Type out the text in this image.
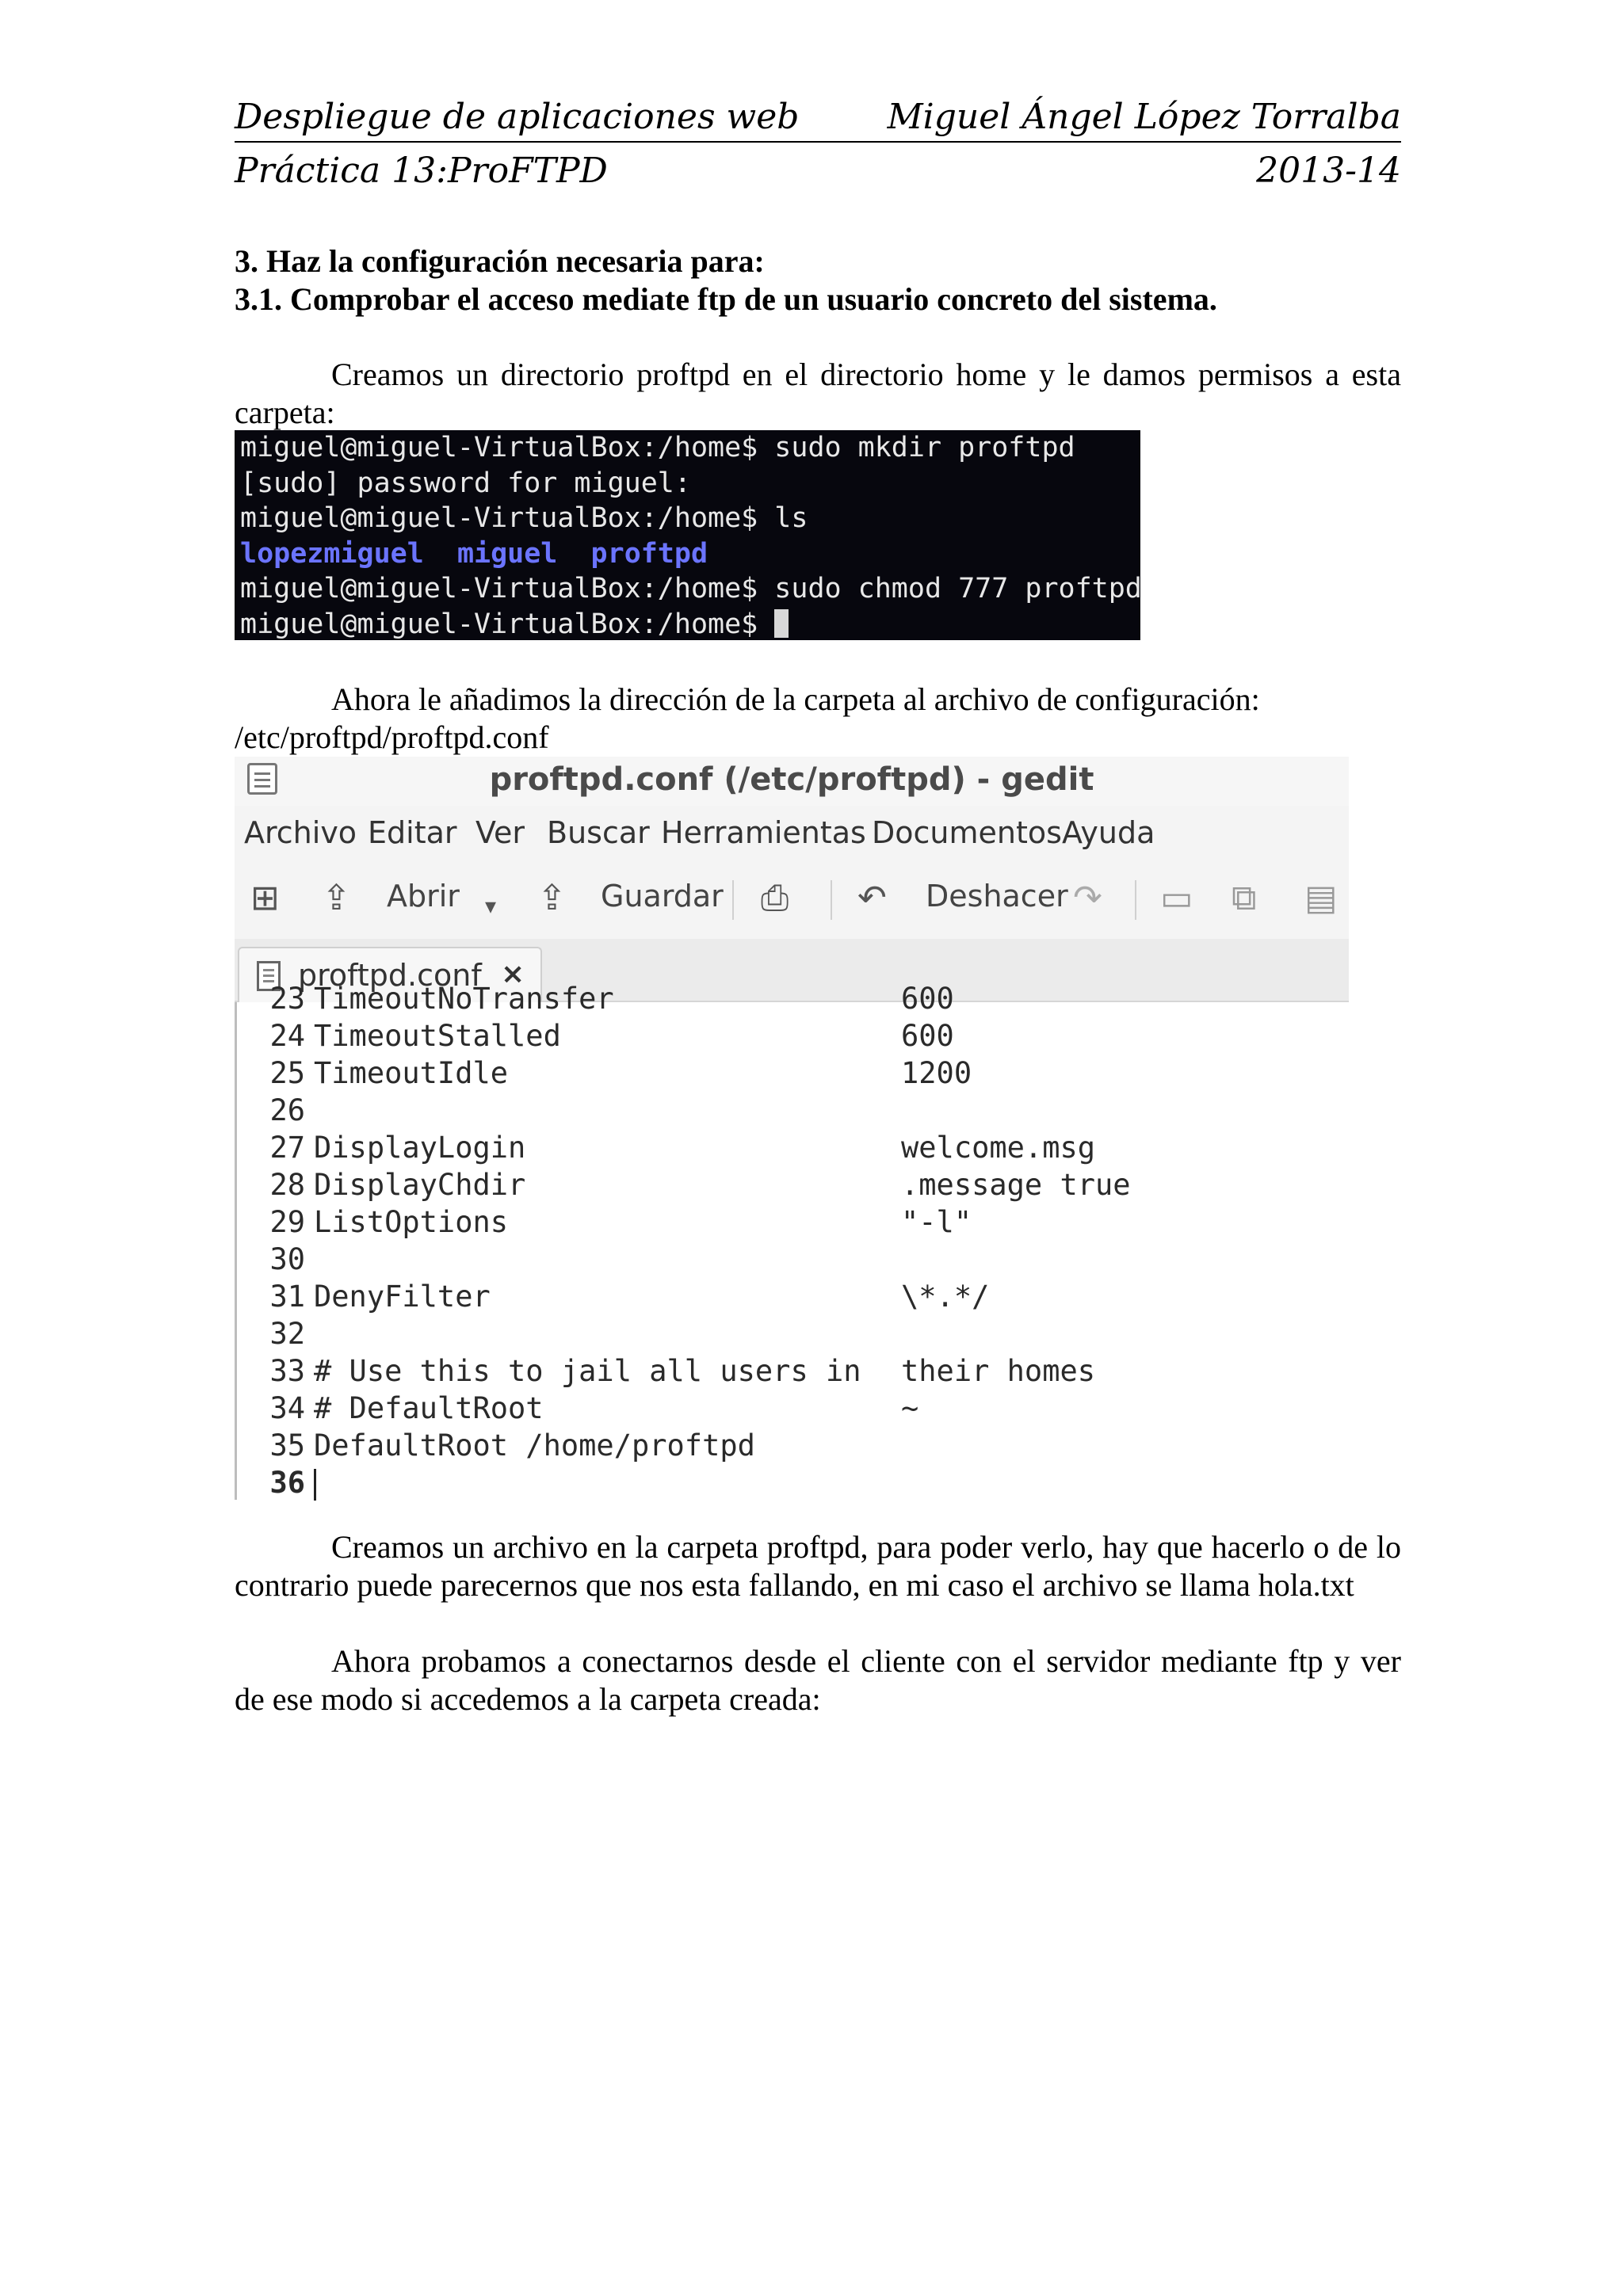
Despliegue de aplicaciones web	Miguel Ángel López Torralba
Práctica 13:ProFTPD	2013-14
3. Haz la configuración necesaria para:
3.1. Comprobar el acceso mediate ftp de un usuario concreto del sistema.
Creamos un directorio proftpd en el directorio home y le damos permisos a esta carpeta:
miguel@miguel-VirtualBox:/home$ sudo mkdir proftpd
[sudo] password for miguel:
miguel@miguel-VirtualBox:/home$ ls
lopezmiguel miguel proftpd
miguel@miguel-VirtualBox:/home$ sudo chmod 777 proftpd
miguel@miguel-VirtualBox:/home$
Ahora le añadimos la dirección de la carpeta al archivo de configuración:
/etc/proftpd/proftpd.conf
proftpd.conf (/etc/proftpd) - gedit
Archivo Editar Ver Buscar Herramientas Documentos Ayuda
⊞ ⇪ Abrir ▾ ⇪ Guardar ⎙ ↶ Deshacer ↷ ▭ ⧉ ▤
proftpd.conf ×
23 TimeoutNoTransfer	600
24 TimeoutStalled	600
25 TimeoutIdle	1200
26
27 DisplayLogin	welcome.msg
28 DisplayChdir	.message true
29 ListOptions	"-l"
30
31 DenyFilter	\*.*/
32
33 # Use this to jail all users in their homes
34 # DefaultRoot	~
35 DefaultRoot /home/proftpd
36
Creamos un archivo en la carpeta proftpd, para poder verlo, hay que hacerlo o de lo contrario puede parecernos que nos esta fallando, en mi caso el archivo se llama hola.txt
Ahora probamos a conectarnos desde el cliente con el servidor mediante ftp y ver de ese modo si accedemos a la carpeta creada:
